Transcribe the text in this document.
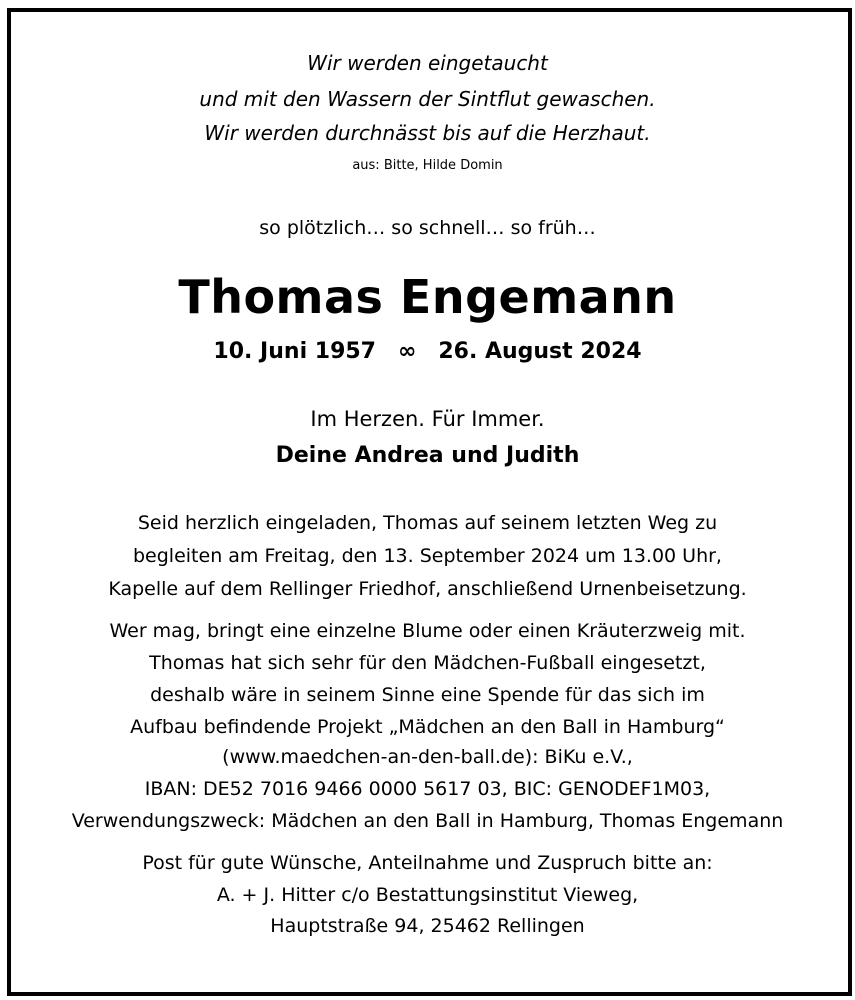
Wir werden eingetaucht
und mit den Wassern der Sintflut gewaschen.
Wir werden durchnässt bis auf die Herzhaut.
aus: Bitte, Hilde Domin
so plötzlich… so schnell… so früh…
Thomas Engemann
10. Juni 1957 ∞ 26. August 2024
Im Herzen. Für Immer.
Deine Andrea und Judith
Seid herzlich eingeladen, Thomas auf seinem letzten Weg zu
begleiten am Freitag, den 13. September 2024 um 13.00 Uhr,
Kapelle auf dem Rellinger Friedhof, anschließend Urnenbeisetzung.
Wer mag, bringt eine einzelne Blume oder einen Kräuterzweig mit.
Thomas hat sich sehr für den Mädchen-Fußball eingesetzt,
deshalb wäre in seinem Sinne eine Spende für das sich im
Aufbau befindende Projekt „Mädchen an den Ball in Hamburg“
(www.maedchen-an-den-ball.de): BiKu e.V.,
IBAN: DE52 7016 9466 0000 5617 03, BIC: GENODEF1M03,
Verwendungszweck: Mädchen an den Ball in Hamburg, Thomas Engemann
Post für gute Wünsche, Anteilnahme und Zuspruch bitte an:
A. + J. Hitter c/o Bestattungsinstitut Vieweg,
Hauptstraße 94, 25462 Rellingen
